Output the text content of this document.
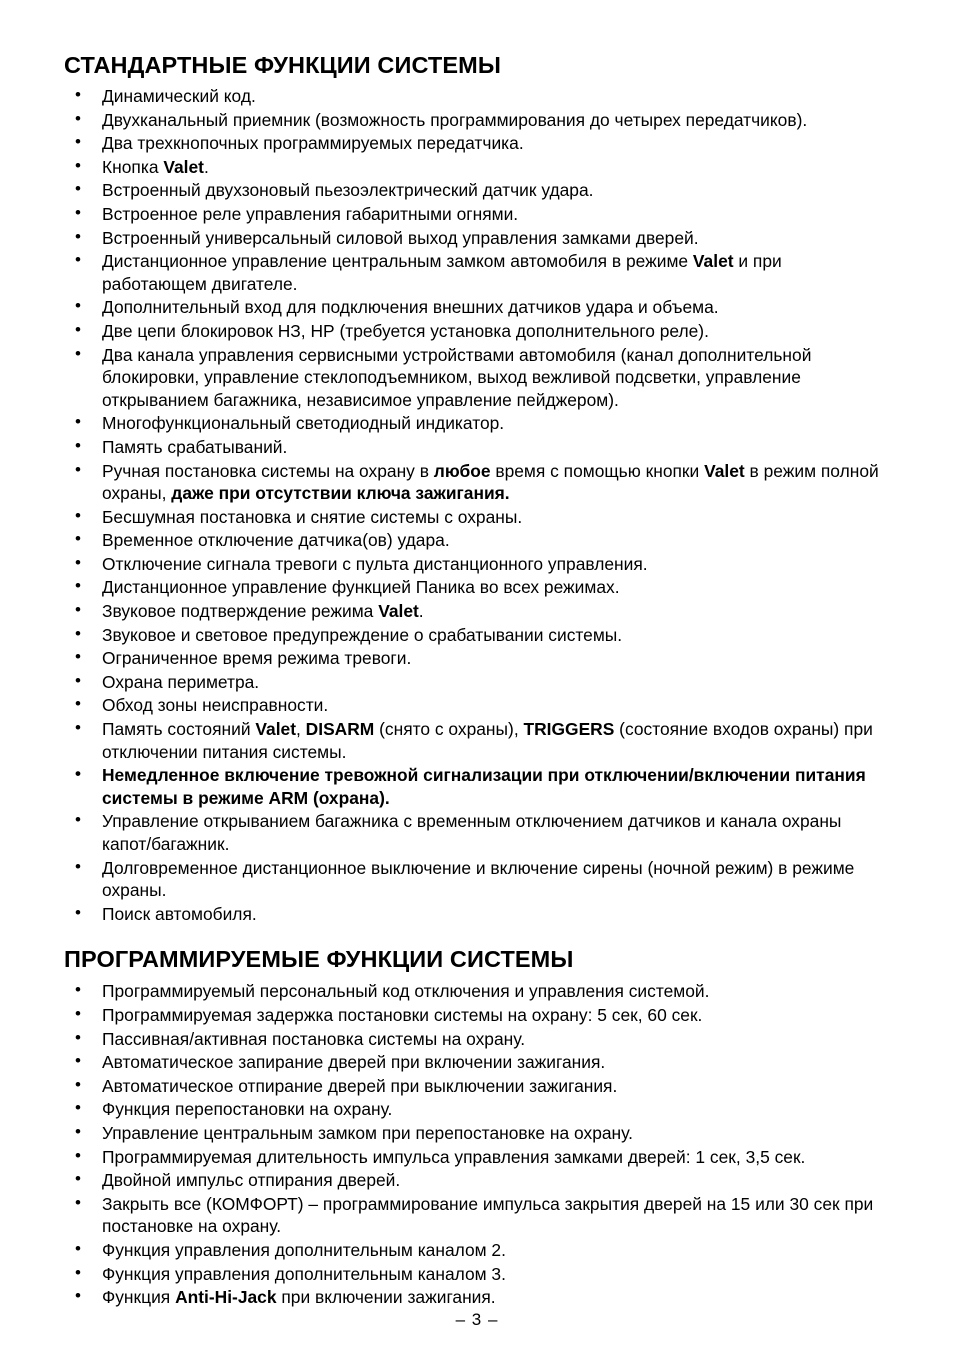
СТАНДАРТНЫЕ ФУНКЦИИ СИСТЕМЫ
• Динамический код.
• Двухканальный приемник (возможность программирования до четырех передатчиков).
• Два трехкнопочных программируемых передатчика.
• Кнопка Valet.
• Встроенный двухзоновый пьезоэлектрический датчик удара.
• Встроенное реле управления габаритными огнями.
• Встроенный универсальный силовой выход управления замками дверей.
• Дистанционное управление центральным замком автомобиля в режиме Valet и при работающем двигателе.
• Дополнительный вход для подключения внешних датчиков удара и объема.
• Две цепи блокировок НЗ, НР (требуется установка дополнительного реле).
• Два канала управления сервисными устройствами автомобиля (канал дополнительной блокировки, управление стеклоподъемником, выход вежливой подсветки, управление открыванием багажника, независимое управление пейджером).
• Многофункциональный светодиодный индикатор.
• Память срабатываний.
• Ручная постановка системы на охрану в любое время с помощью кнопки Valet в режим полной охраны, даже при отсутствии ключа зажигания.
• Бесшумная постановка и снятие системы с охраны.
• Временное отключение датчика(ов) удара.
• Отключение сигнала тревоги с пульта дистанционного управления.
• Дистанционное управление функцией Паника во всех режимах.
• Звуковое подтверждение режима Valet.
• Звуковое и световое предупреждение о срабатывании системы.
• Ограниченное время режима тревоги.
• Охрана периметра.
• Обход зоны неисправности.
• Память состояний Valet, DISARM (снято с охраны), TRIGGERS (состояние входов охраны) при отключении питания системы.
• Немедленное включение тревожной сигнализации при отключении/включении питания системы в режиме ARM (охрана).
• Управление открыванием багажника с временным отключением датчиков и канала охраны капот/багажник.
• Долговременное дистанционное выключение и включение сирены (ночной режим) в режиме охраны.
• Поиск автомобиля.
ПРОГРАММИРУЕМЫЕ ФУНКЦИИ СИСТЕМЫ
• Программируемый персональный код отключения и управления системой.
• Программируемая задержка постановки системы на охрану: 5 сек, 60 сек.
• Пассивная/активная постановка системы на охрану.
• Автоматическое запирание дверей при включении зажигания.
• Автоматическое отпирание дверей при выключении зажигания.
• Функция перепостановки на охрану.
• Управление центральным замком при перепостановке на охрану.
• Программируемая длительность импульса управления замками дверей: 1 сек, 3,5 сек.
• Двойной импульс отпирания дверей.
• Закрыть все (КОМФОРТ) – программирование импульса закрытия дверей на 15 или 30 сек при постановке на охрану.
• Функция управления дополнительным каналом 2.
• Функция управления дополнительным каналом 3.
• Функция Anti-Hi-Jack при включении зажигания.
– 3 –
